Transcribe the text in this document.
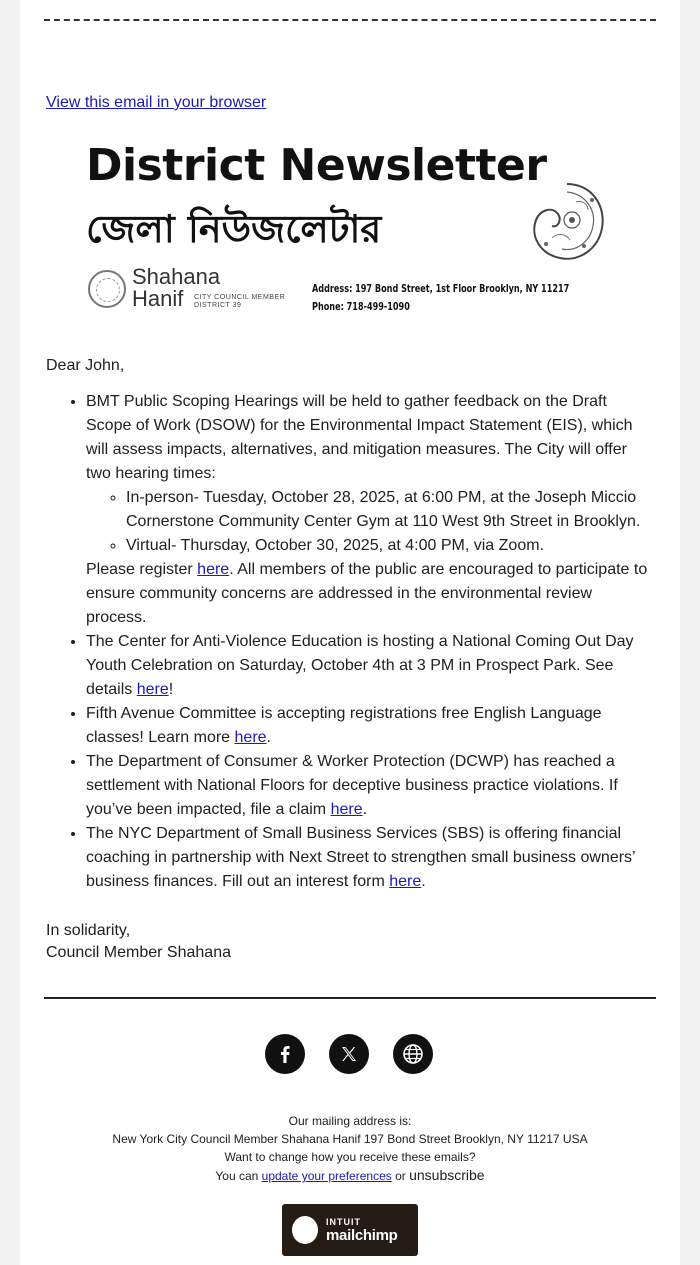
View this email in your browser
District Newsletter
জেলা নিউজলেটার
Shahana
Hanif	CITY COUNCIL MEMBER
DISTRICT 39
Address: 197 Bond Street, 1st Floor Brooklyn, NY 11217
Phone: 718-499-1090

Dear John,

• BMT Public Scoping Hearings will be held to gather feedback on the Draft Scope of Work (DSOW) for the Environmental Impact Statement (EIS), which will assess impacts, alternatives, and mitigation measures. The City will offer two hearing times:
◦ In-person- Tuesday, October 28, 2025, at 6:00 PM, at the Joseph Miccio Cornerstone Community Center Gym at 110 West 9th Street in Brooklyn.
◦ Virtual- Thursday, October 30, 2025, at 4:00 PM, via Zoom.
Please register here. All members of the public are encouraged to participate to ensure community concerns are addressed in the environmental review process.
• The Center for Anti-Violence Education is hosting a National Coming Out Day Youth Celebration on Saturday, October 4th at 3 PM in Prospect Park. See details here!
• Fifth Avenue Committee is accepting registrations free English Language classes! Learn more here.
• The Department of Consumer & Worker Protection (DCWP) has reached a settlement with National Floors for deceptive business practice violations. If you’ve been impacted, file a claim here.
• The NYC Department of Small Business Services (SBS) is offering financial coaching in partnership with Next Street to strengthen small business owners’ business finances. Fill out an interest form here.
In solidarity,
Council Member Shahana
Our mailing address is:
New York City Council Member Shahana Hanif 197 Bond Street Brooklyn, NY 11217 USA
Want to change how you receive these emails?
You can update your preferences or unsubscribe
INTUIT
mailchimp
